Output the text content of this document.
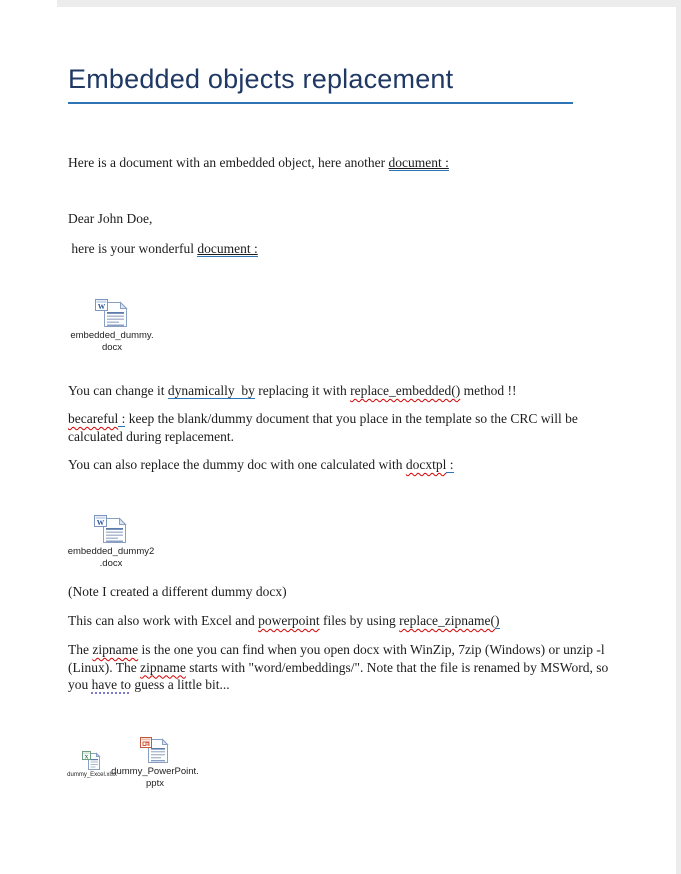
Embedded objects replacement

Here is a document with an embedded object, here another document :

Dear John Doe,

here is your wonderful document :

W
embedded_dummy.
docx

You can change it dynamically  by replacing it with replace_embedded() method !!

becareful : keep the blank/dummy document that you place in the template so the CRC will be calculated during replacement.

You can also replace the dummy doc with one calculated with docxtpl :

W
embedded_dummy2
.docx

(Note I created a different dummy docx)

This can also work with Excel and powerpoint files by using replace_zipname()

The zipname is the one you can find when you open docx with WinZip, 7zip (Windows) or unzip -l (Linux). The zipname starts with "word/embeddings/". Note that the file is renamed by MSWord, so you have to guess a little bit...

X
dummy_Excel.xlsx
dummy_PowerPoint.
pptx
